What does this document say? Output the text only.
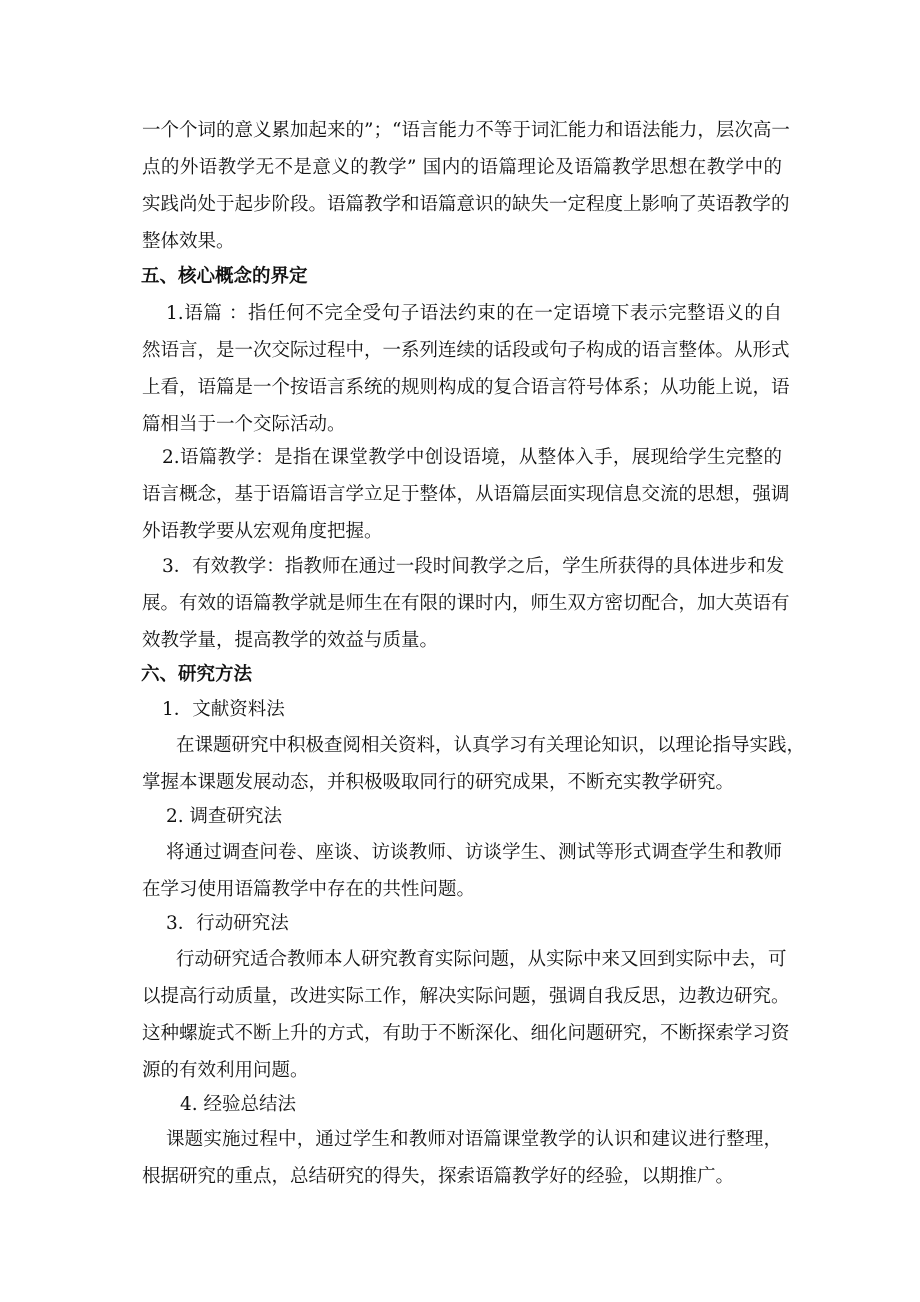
一个个词的意义累加起来的”；“语言能力不等于词汇能力和语法能力，层次高一
点的外语教学无不是意义的教学” 国内的语篇理论及语篇教学思想在教学中的
实践尚处于起步阶段。语篇教学和语篇意识的缺失一定程度上影响了英语教学的
整体效果。
五、核心概念的界定
1.语篇 ：指任何不完全受句子语法约束的在一定语境下表示完整语义的自
然语言，是一次交际过程中，一系列连续的话段或句子构成的语言整体。从形式
上看，语篇是一个按语言系统的规则构成的复合语言符号体系；从功能上说，语
篇相当于一个交际活动。
2.语篇教学：是指在课堂教学中创设语境，从整体入手，展现给学生完整的
语言概念，基于语篇语言学立足于整体，从语篇层面实现信息交流的思想，强调
外语教学要从宏观角度把握。
3．有效教学：指教师在通过一段时间教学之后，学生所获得的具体进步和发
展。有效的语篇教学就是师生在有限的课时内，师生双方密切配合，加大英语有
效教学量，提高教学的效益与质量。
六、研究方法
1．文献资料法
在课题研究中积极查阅相关资料，认真学习有关理论知识，以理论指导实践，
掌握本课题发展动态，并积极吸取同行的研究成果，不断充实教学研究。
2. 调查研究法
将通过调查问卷、座谈、访谈教师、访谈学生、测试等形式调查学生和教师
在学习使用语篇教学中存在的共性问题。
3．行动研究法
行动研究适合教师本人研究教育实际问题，从实际中来又回到实际中去，可
以提高行动质量，改进实际工作，解决实际问题，强调自我反思，边教边研究。
这种螺旋式不断上升的方式，有助于不断深化、细化问题研究，不断探索学习资
源的有效利用问题。
4. 经验总结法
课题实施过程中，通过学生和教师对语篇课堂教学的认识和建议进行整理，
根据研究的重点，总结研究的得失，探索语篇教学好的经验，以期推广。
